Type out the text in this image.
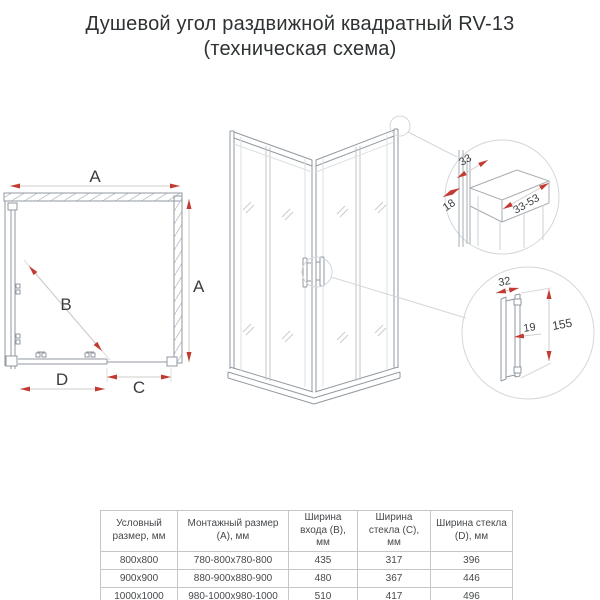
Душевой угол раздвижной квадратный RV-13
(техническая схема)
A
A
B
D	C
33
18	33-53
32
19 155
Условный размер, мм	Монтажный размер (А), мм	Ширина входа (В), мм	Ширина стекла (С), мм	Ширина стекла (D), мм
800x800	780-800x780-800	435	317	396
900x900	880-900x880-900	480	367	446
1000x1000	980-1000x980-1000	510	417	496
